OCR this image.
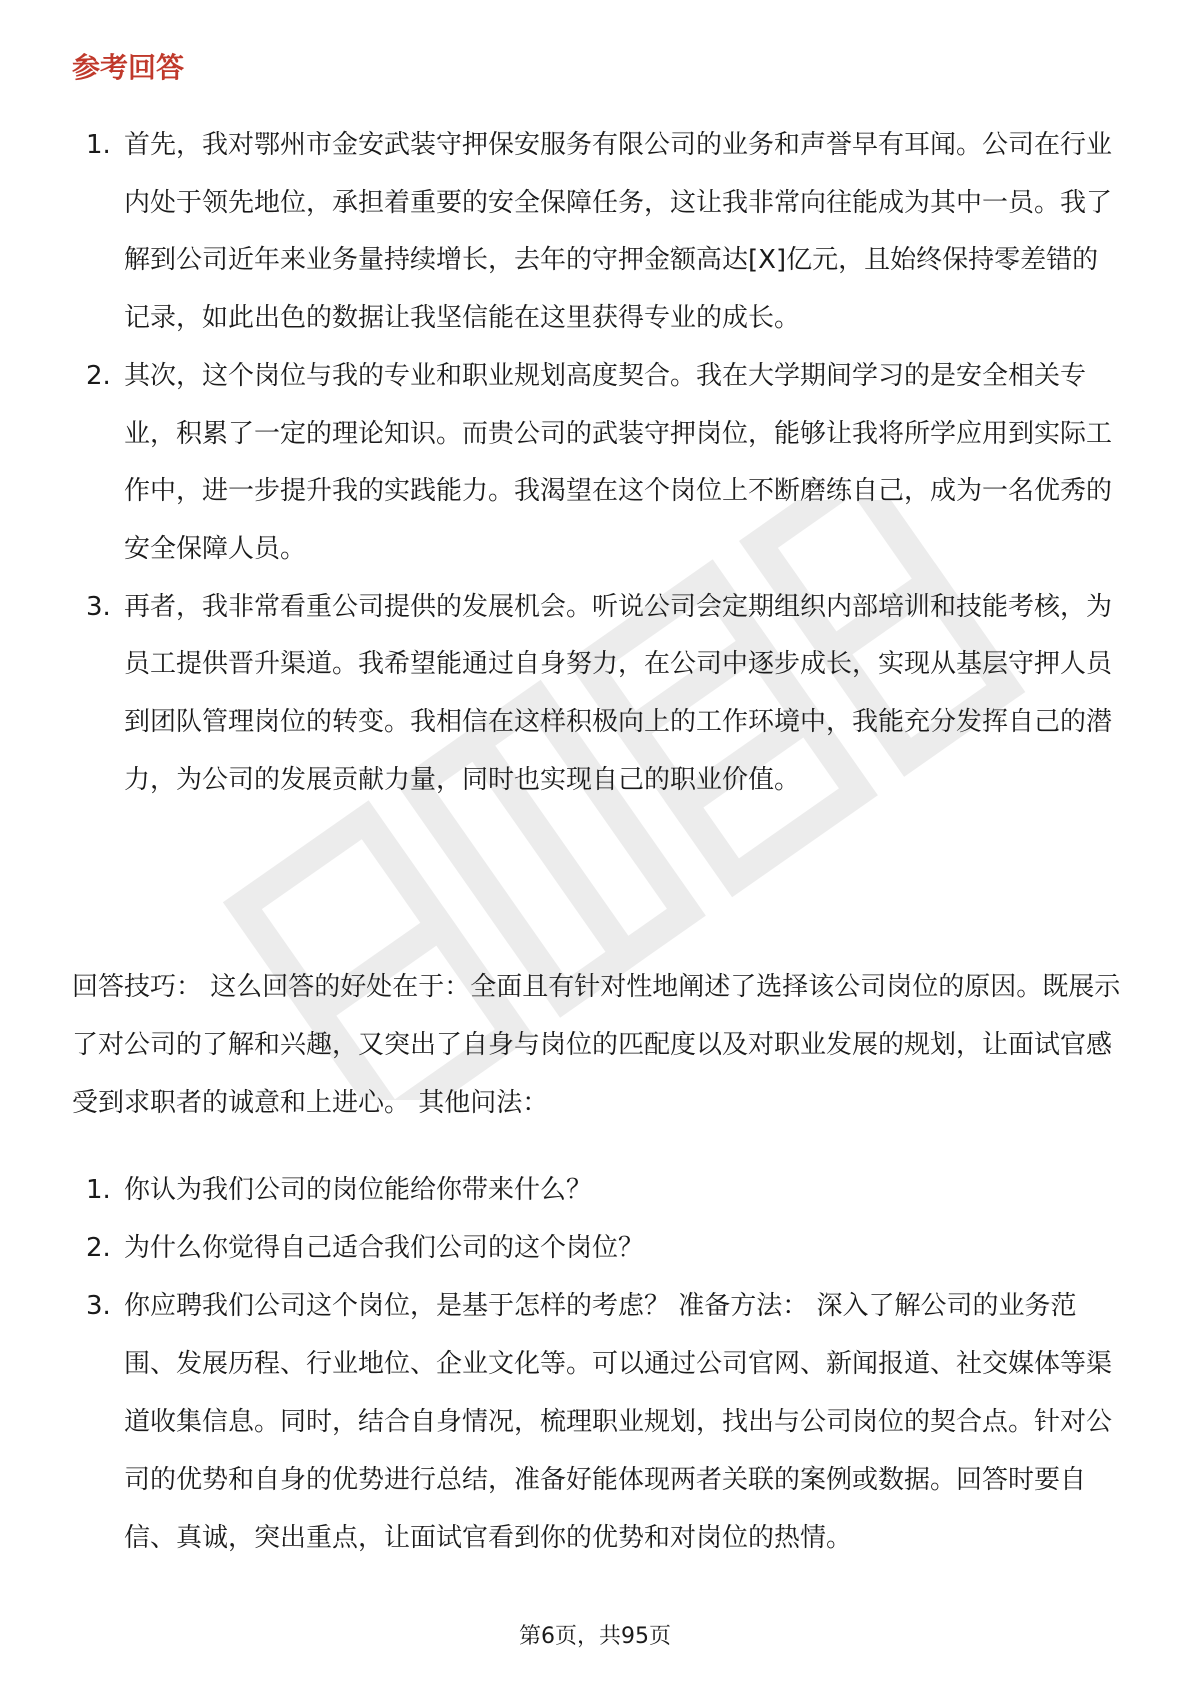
参考回答
1. 首先，我对鄂州市金安武装守押保安服务有限公司的业务和声誉早有耳闻。公司在行业内处于领先地位，承担着重要的安全保障任务，这让我非常向往能成为其中一员。我了解到公司近年来业务量持续增长，去年的守押金额高达[X]亿元，且始终保持零差错的记录，如此出色的数据让我坚信能在这里获得专业的成长。
2. 其次，这个岗位与我的专业和职业规划高度契合。我在大学期间学习的是安全相关专业，积累了一定的理论知识。而贵公司的武装守押岗位，能够让我将所学应用到实际工作中，进一步提升我的实践能力。我渴望在这个岗位上不断磨练自己，成为一名优秀的安全保障人员。
3. 再者，我非常看重公司提供的发展机会。听说公司会定期组织内部培训和技能考核，为员工提供晋升渠道。我希望能通过自身努力，在公司中逐步成长，实现从基层守押人员到团队管理岗位的转变。我相信在这样积极向上的工作环境中，我能充分发挥自己的潜力，为公司的发展贡献力量，同时也实现自己的职业价值。

回答技巧： 这么回答的好处在于：全面且有针对性地阐述了选择该公司岗位的原因。既展示了对公司的了解和兴趣，又突出了自身与岗位的匹配度以及对职业发展的规划，让面试官感受到求职者的诚意和上进心。 其他问法：

1. 你认为我们公司的岗位能给你带来什么？
2. 为什么你觉得自己适合我们公司的这个岗位？
3. 你应聘我们公司这个岗位，是基于怎样的考虑？ 准备方法： 深入了解公司的业务范围、发展历程、行业地位、企业文化等。可以通过公司官网、新闻报道、社交媒体等渠道收集信息。同时，结合自身情况，梳理职业规划，找出与公司岗位的契合点。针对公司的优势和自身的优势进行总结，准备好能体现两者关联的案例或数据。回答时要自信、真诚，突出重点，让面试官看到你的优势和对岗位的热情。
第6页，共95页
